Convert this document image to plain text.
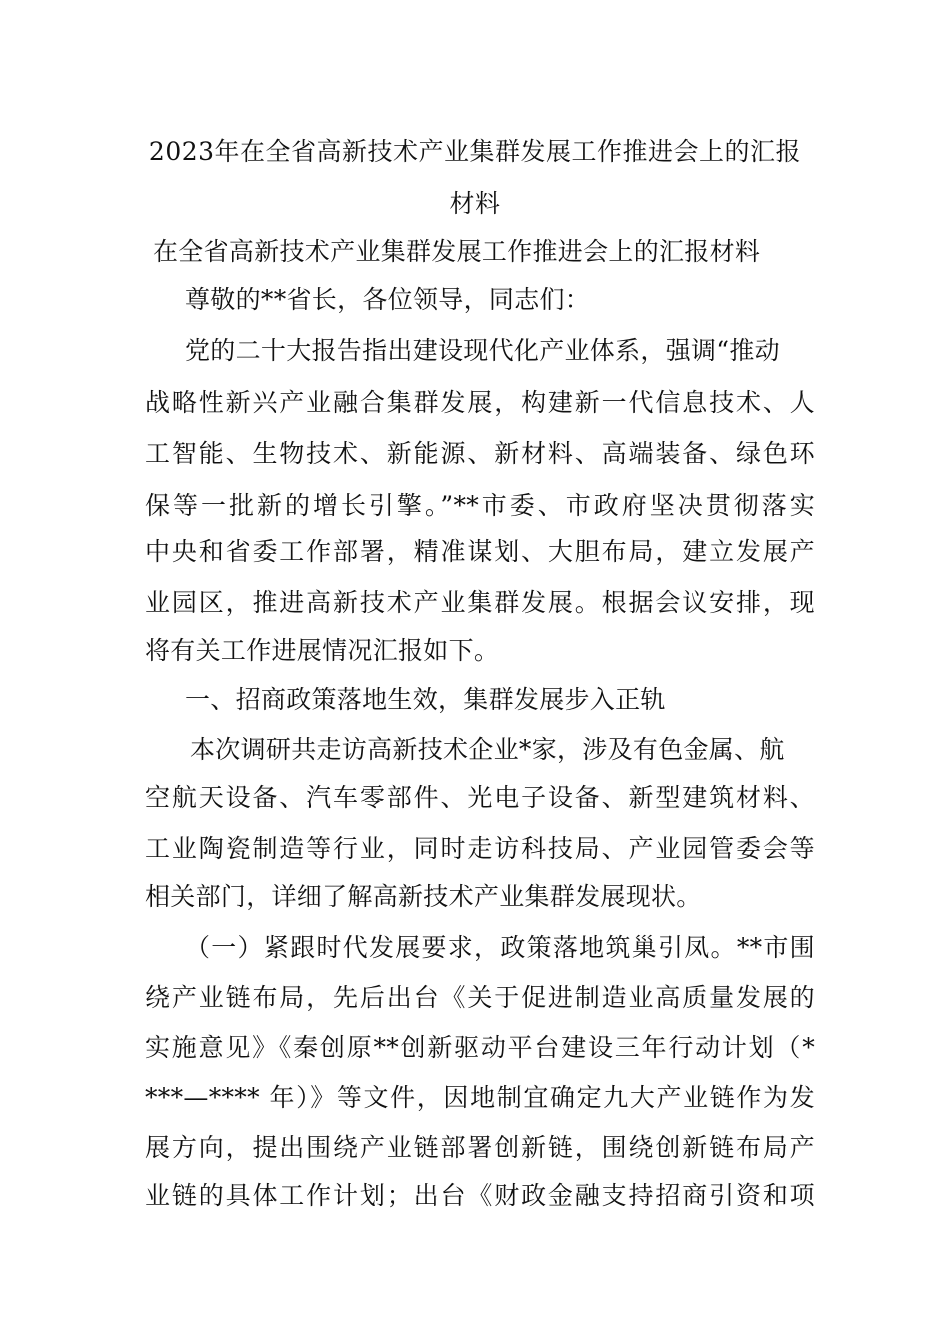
2023年在全省高新技术产业集群发展工作推进会上的汇报
材料
在全省高新技术产业集群发展工作推进会上的汇报材料
尊敬的**省长，各位领导，同志们：
党的二十大报告指出建设现代化产业体系，强调“推动
战略性新兴产业融合集群发展，构建新一代信息技术、人
工智能、生物技术、新能源、新材料、高端装备、绿色环
保等一批新的增长引擎。”**市委、市政府坚决贯彻落实
中央和省委工作部署，精准谋划、大胆布局，建立发展产
业园区，推进高新技术产业集群发展。根据会议安排，现
将有关工作进展情况汇报如下。
一、招商政策落地生效，集群发展步入正轨
本次调研共走访高新技术企业*家，涉及有色金属、航
空航天设备、汽车零部件、光电子设备、新型建筑材料、
工业陶瓷制造等行业，同时走访科技局、产业园管委会等
相关部门，详细了解高新技术产业集群发展现状。
（一）紧跟时代发展要求，政策落地筑巢引凤。**市围
绕产业链布局，先后出台《关于促进制造业高质量发展的
实施意见》《秦创原**创新驱动平台建设三年行动计划（*
***—**** 年）》等文件，因地制宜确定九大产业链作为发
展方向，提出围绕产业链部署创新链，围绕创新链布局产
业链的具体工作计划；出台《财政金融支持招商引资和项
